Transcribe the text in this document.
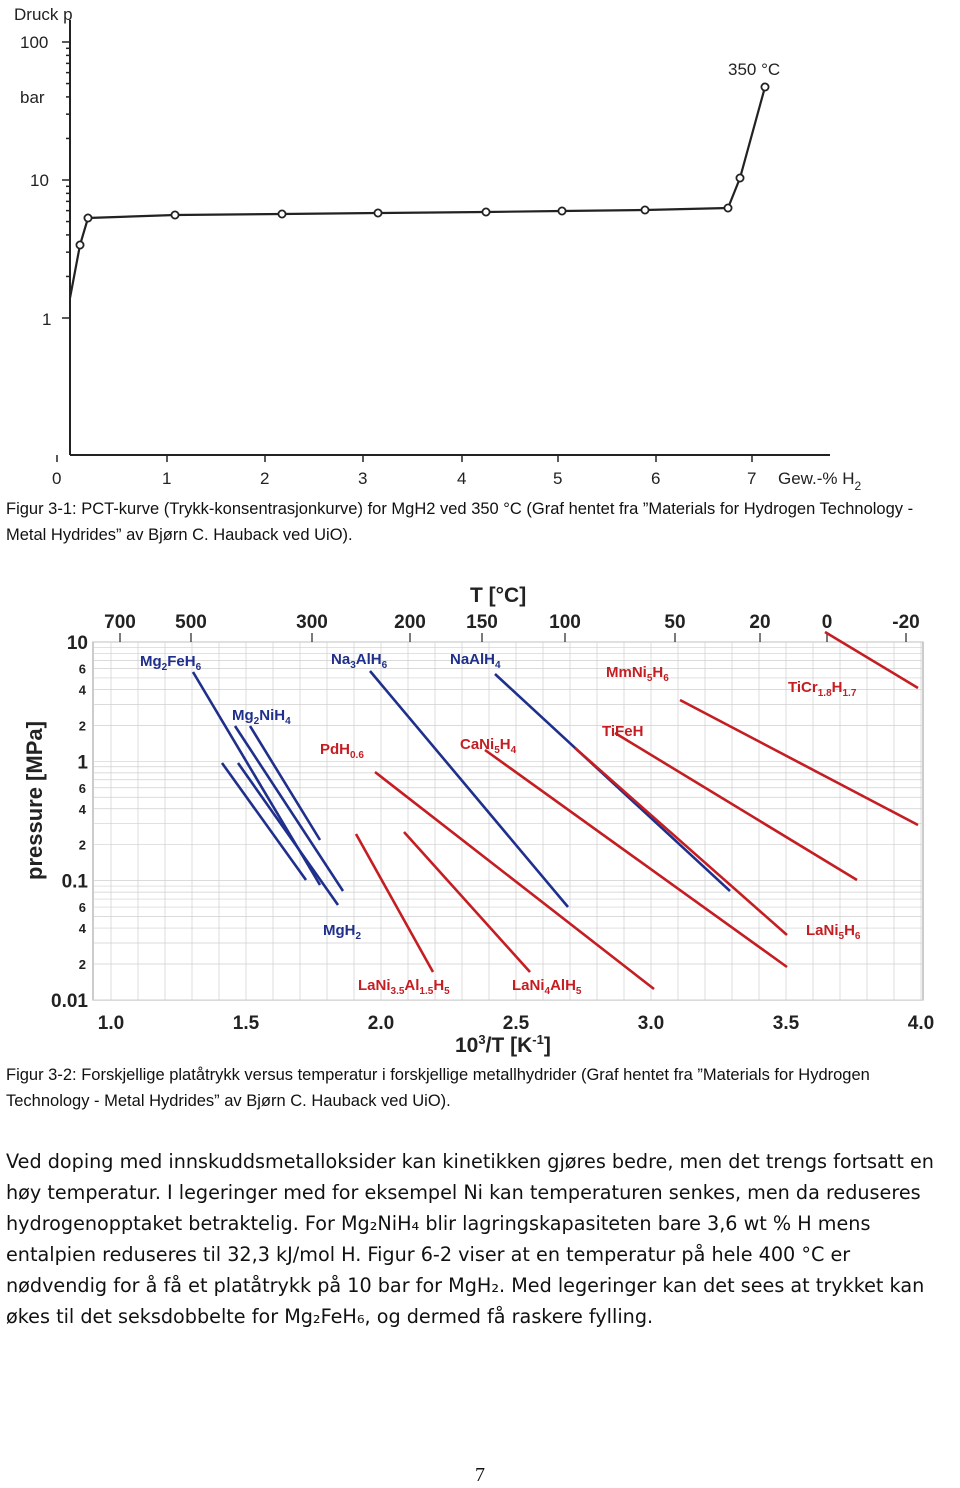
Druck p
100
bar
10
1
0	1	2	3	4	5	6	7 Gew.-% $H_2$
350 °C
Figur 3-1: PCT-kurve (Trykk-konsentrasjonkurve) for MgH2 ved 350 °C (Graf hentet fra ”Materials for Hydrogen Technology - Metal Hydrides” av Bjørn C. Hauback ved UiO).
T [°C]
700 500	300	200 150	100	50	20	0	-20
10
1
0.1
0.01
6
4
2
6
4
2
6
4
2
1.0	1.5	2.0	2.5	3.0	3.5	4.0
pressure [MPa]
$10^3/T$ $[K^{-1}]$
$Mg_2FeH_6$
$Mg_2NiH_4$
$Na_3AlH_6$	NaAlH$_4$	$MmNi_5H_6$
$TiCr_{1.8}H_{1.7}$
PdH$_{0.6}$
$CaNi_5H_4$
TiFeH
MgH$_2$	$LaNi_5H_6$
$LaNi_{3.5}Al_{1.5}H_5$	LaNi$_4$AlH$_5$
Figur 3-2: Forskjellige platåtrykk versus temperatur i forskjellige metallhydrider (Graf hentet fra ”Materials for Hydrogen Technology - Metal Hydrides” av Bjørn C. Hauback ved UiO).

Ved doping med innskuddsmetalloksider kan kinetikken gjøres bedre, men det trengs fortsatt en høy temperatur. I legeringer med for eksempel Ni kan temperaturen senkes, men da reduseres hydrogenopptaket betraktelig. For Mg₂NiH₄ blir lagringskapasiteten bare 3,6 wt % H mens entalpien reduseres til 32,3 kJ/mol H. Figur 6-2 viser at en temperatur på hele 400 °C er nødvendig for å få et platåtrykk på 10 bar for MgH₂. Med legeringer kan det sees at trykket kan økes til det seksdobbelte for Mg₂FeH₆, og dermed få raskere fylling.

7
